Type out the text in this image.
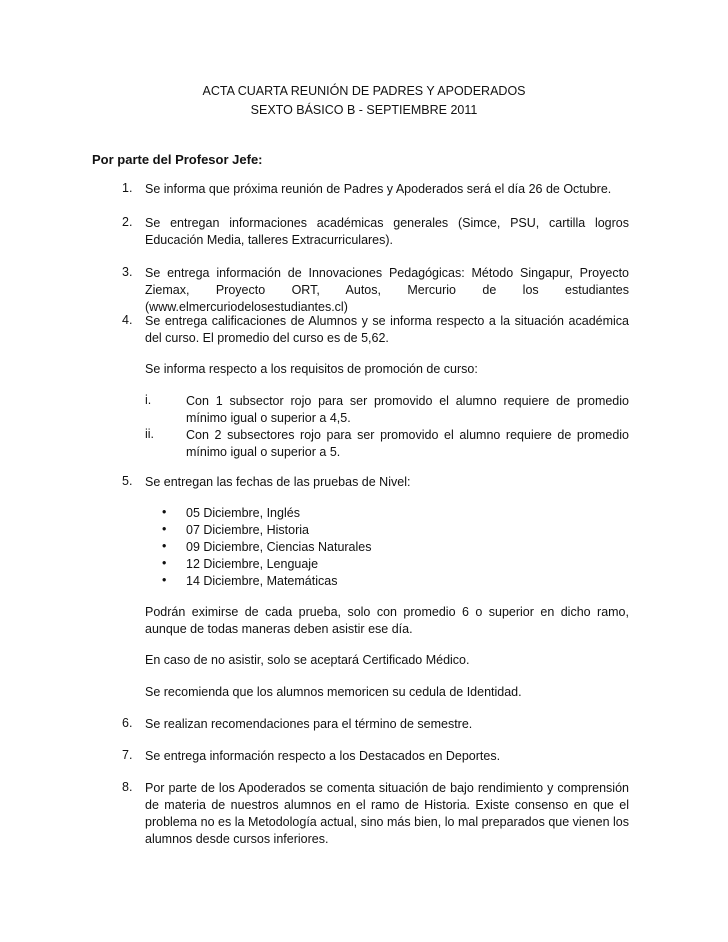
ACTA CUARTA REUNIÓN DE PADRES Y APODERADOS
SEXTO BÁSICO B - SEPTIEMBRE 2011
Por parte del Profesor Jefe:
1. Se informa que próxima reunión de Padres y Apoderados será el día 26 de Octubre.
2. Se entregan informaciones académicas generales (Simce, PSU, cartilla logros Educación Media, talleres Extracurriculares).
3. Se entrega información de Innovaciones Pedagógicas: Método Singapur, Proyecto Ziemax, Proyecto ORT, Autos, Mercurio de los estudiantes (www.elmercuriodelosestudiantes.cl)
4. Se entrega calificaciones de Alumnos y se informa respecto a la situación académica del curso. El promedio del curso es de 5,62.
Se informa respecto a los requisitos de promoción de curso:
i.	Con 1 subsector rojo para ser promovido el alumno requiere de promedio mínimo igual o superior a 4,5.
ii.	Con 2 subsectores rojo para ser promovido el alumno requiere de promedio mínimo igual o superior a 5.
5. Se entregan las fechas de las pruebas de Nivel:
• 05 Diciembre, Inglés
• 07 Diciembre, Historia
• 09 Diciembre, Ciencias Naturales
• 12 Diciembre, Lenguaje
• 14 Diciembre, Matemáticas
Podrán eximirse de cada prueba, solo con promedio 6 o superior en dicho ramo, aunque de todas maneras deben asistir ese día.
En caso de no asistir, solo se aceptará Certificado Médico.
Se recomienda que los alumnos memoricen su cedula de Identidad.
6. Se realizan recomendaciones para el término de semestre.
7. Se entrega información respecto a los Destacados en Deportes.
8. Por parte de los Apoderados se comenta situación de bajo rendimiento y comprensión de materia de nuestros alumnos en el ramo de Historia. Existe consenso en que el problema no es la Metodología actual, sino más bien, lo mal preparados que vienen los alumnos desde cursos inferiores.
